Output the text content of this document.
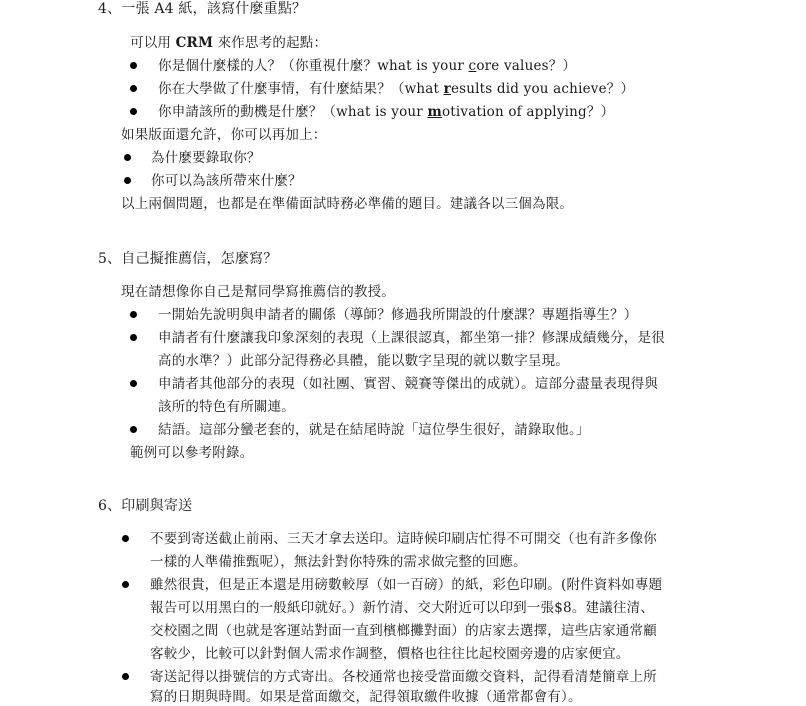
4、一張 A4 紙，該寫什麼重點？
可以用 CRM 來作思考的起點：
你是個什麼樣的人？（你重視什麼？what is your core values？）
你在大學做了什麼事情，有什麼結果？（what results did you achieve？）
你申請該所的動機是什麼？（what is your motivation of applying？）
如果版面還允許，你可以再加上：
為什麼要錄取你？
你可以為該所帶來什麼？
以上兩個問題，也都是在準備面試時務必準備的題目。建議各以三個為限。
5、自己擬推薦信，怎麼寫？
現在請想像你自己是幫同學寫推薦信的教授。
一開始先說明與申請者的關係（導師？修過我所開設的什麼課？專題指導生？）
申請者有什麼讓我印象深刻的表現（上課很認真，都坐第一排？修課成績幾分，是很
高的水準？）此部分記得務必具體，能以數字呈現的就以數字呈現。
申請者其他部分的表現（如社團、實習、競賽等傑出的成就）。這部分盡量表現得與
該所的特色有所關連。
結語。這部分蠻老套的，就是在結尾時說「這位學生很好，請錄取他。」
範例可以參考附錄。
6、印刷與寄送
不要到寄送截止前兩、三天才拿去送印。這時候印刷店忙得不可開交（也有許多像你
一樣的人準備推甄呢），無法針對你特殊的需求做完整的回應。
雖然很貴，但是正本還是用磅數較厚（如一百磅）的紙，彩色印刷。(附件資料如專題
報告可以用黑白的一般紙印就好。）新竹清、交大附近可以印到一張$8。建議往清、
交校園之間（也就是客運站對面一直到檳榔攤對面）的店家去選擇，這些店家通常顧
客較少，比較可以針對個人需求作調整，價格也往往比起校園旁邊的店家便宜。
寄送記得以掛號信的方式寄出。各校通常也接受當面繳交資料，記得看清楚簡章上所
寫的日期與時間。如果是當面繳交，記得領取繳件收據（通常都會有）。
